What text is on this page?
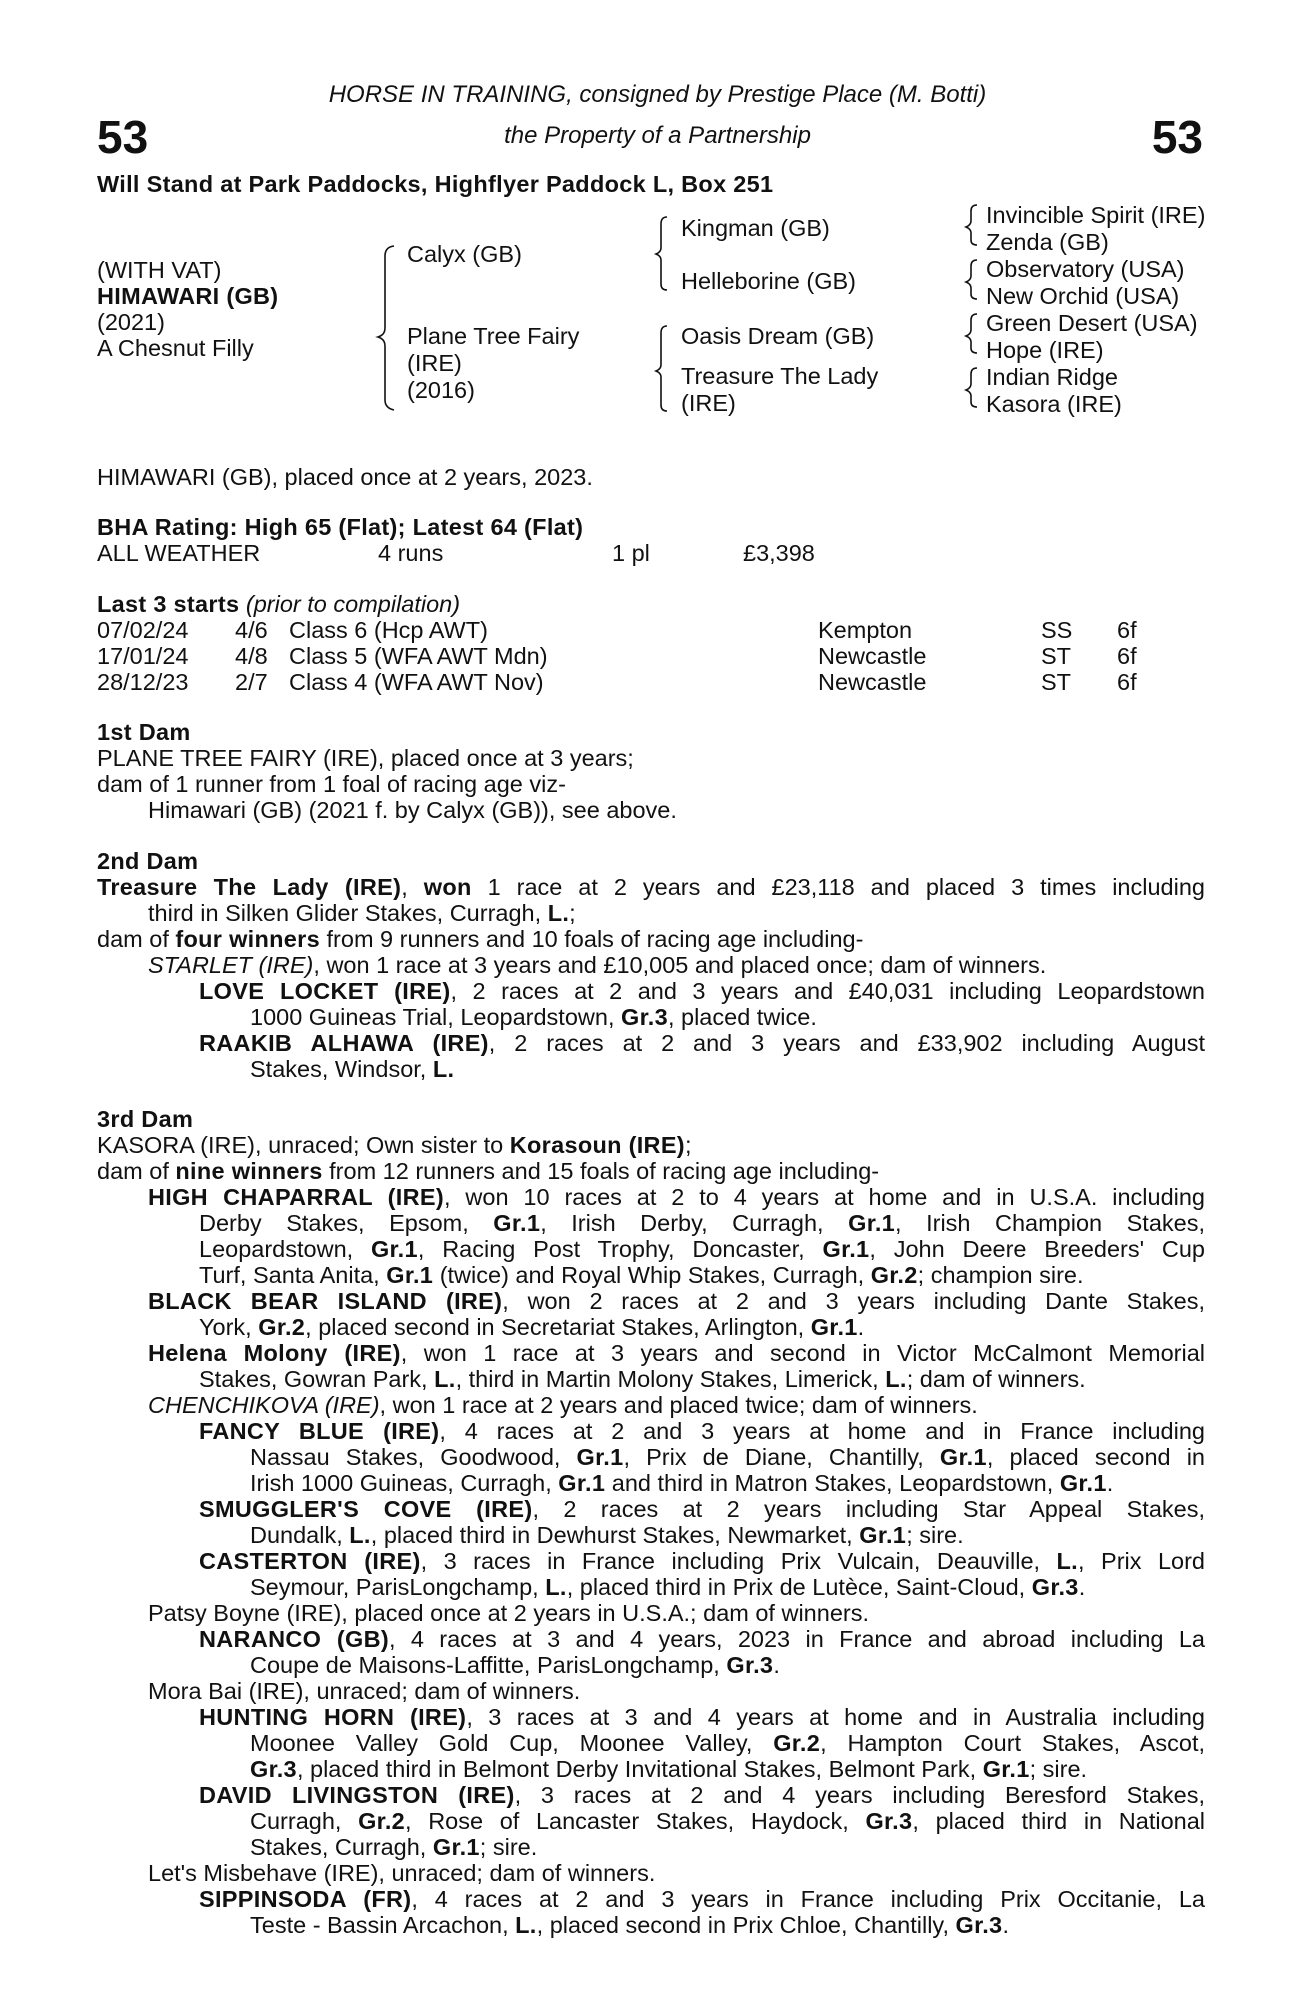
53	53
HORSE IN TRAINING, consigned by Prestige Place (M. Botti)
the Property of a Partnership
Will Stand at Park Paddocks, Highflyer Paddock L, Box 251
(WITH VAT)
HIMAWARI (GB)
(2021)
A Chesnut Filly
Calyx (GB)
Plane Tree Fairy
(IRE)
(2016)
Kingman (GB)
Helleborine (GB)
Oasis Dream (GB)
Treasure The Lady
(IRE)
Invincible Spirit (IRE)
Zenda (GB)
Observatory (USA)
New Orchid (USA)
Green Desert (USA)
Hope (IRE)
Indian Ridge
Kasora (IRE)
HIMAWARI (GB), placed once at 2 years, 2023.
BHA Rating: High 65 (Flat); Latest 64 (Flat)
ALL WEATHER	4 runs	1 pl	£3,398
Last 3 starts (prior to compilation)
07/02/24 4/6 Class 6 (Hcp AWT)	Kempton	SS 6f
17/01/24 4/8 Class 5 (WFA AWT Mdn)	Newcastle	ST 6f
28/12/23 2/7 Class 4 (WFA AWT Nov)	Newcastle	ST 6f
1st Dam
PLANE TREE FAIRY (IRE), placed once at 3 years;
dam of 1 runner from 1 foal of racing age viz-
Himawari (GB) (2021 f. by Calyx (GB)), see above.
2nd Dam
Treasure The Lady (IRE), won 1 race at 2 years and £23,118 and placed 3 times including
third in Silken Glider Stakes, Curragh, L.;
dam of four winners from 9 runners and 10 foals of racing age including-
STARLET (IRE), won 1 race at 3 years and £10,005 and placed once; dam of winners.
LOVE LOCKET (IRE), 2 races at 2 and 3 years and £40,031 including Leopardstown
1000 Guineas Trial, Leopardstown, Gr.3, placed twice.
RAAKIB ALHAWA (IRE), 2 races at 2 and 3 years and £33,902 including August
Stakes, Windsor, L.
3rd Dam
KASORA (IRE), unraced; Own sister to Korasoun (IRE);
dam of nine winners from 12 runners and 15 foals of racing age including-
HIGH CHAPARRAL (IRE), won 10 races at 2 to 4 years at home and in U.S.A. including
Derby Stakes, Epsom, Gr.1, Irish Derby, Curragh, Gr.1, Irish Champion Stakes,
Leopardstown, Gr.1, Racing Post Trophy, Doncaster, Gr.1, John Deere Breeders' Cup
Turf, Santa Anita, Gr.1 (twice) and Royal Whip Stakes, Curragh, Gr.2; champion sire.
BLACK BEAR ISLAND (IRE), won 2 races at 2 and 3 years including Dante Stakes,
York, Gr.2, placed second in Secretariat Stakes, Arlington, Gr.1.
Helena Molony (IRE), won 1 race at 3 years and second in Victor McCalmont Memorial
Stakes, Gowran Park, L., third in Martin Molony Stakes, Limerick, L.; dam of winners.
CHENCHIKOVA (IRE), won 1 race at 2 years and placed twice; dam of winners.
FANCY BLUE (IRE), 4 races at 2 and 3 years at home and in France including
Nassau Stakes, Goodwood, Gr.1, Prix de Diane, Chantilly, Gr.1, placed second in
Irish 1000 Guineas, Curragh, Gr.1 and third in Matron Stakes, Leopardstown, Gr.1.
SMUGGLER'S COVE (IRE), 2 races at 2 years including Star Appeal Stakes,
Dundalk, L., placed third in Dewhurst Stakes, Newmarket, Gr.1; sire.
CASTERTON (IRE), 3 races in France including Prix Vulcain, Deauville, L., Prix Lord
Seymour, ParisLongchamp, L., placed third in Prix de Lutèce, Saint-Cloud, Gr.3.
Patsy Boyne (IRE), placed once at 2 years in U.S.A.; dam of winners.
NARANCO (GB), 4 races at 3 and 4 years, 2023 in France and abroad including La
Coupe de Maisons-Laffitte, ParisLongchamp, Gr.3.
Mora Bai (IRE), unraced; dam of winners.
HUNTING HORN (IRE), 3 races at 3 and 4 years at home and in Australia including
Moonee Valley Gold Cup, Moonee Valley, Gr.2, Hampton Court Stakes, Ascot,
Gr.3, placed third in Belmont Derby Invitational Stakes, Belmont Park, Gr.1; sire.
DAVID LIVINGSTON (IRE), 3 races at 2 and 4 years including Beresford Stakes,
Curragh, Gr.2, Rose of Lancaster Stakes, Haydock, Gr.3, placed third in National
Stakes, Curragh, Gr.1; sire.
Let's Misbehave (IRE), unraced; dam of winners.
SIPPINSODA (FR), 4 races at 2 and 3 years in France including Prix Occitanie, La
Teste - Bassin Arcachon, L., placed second in Prix Chloe, Chantilly, Gr.3.
